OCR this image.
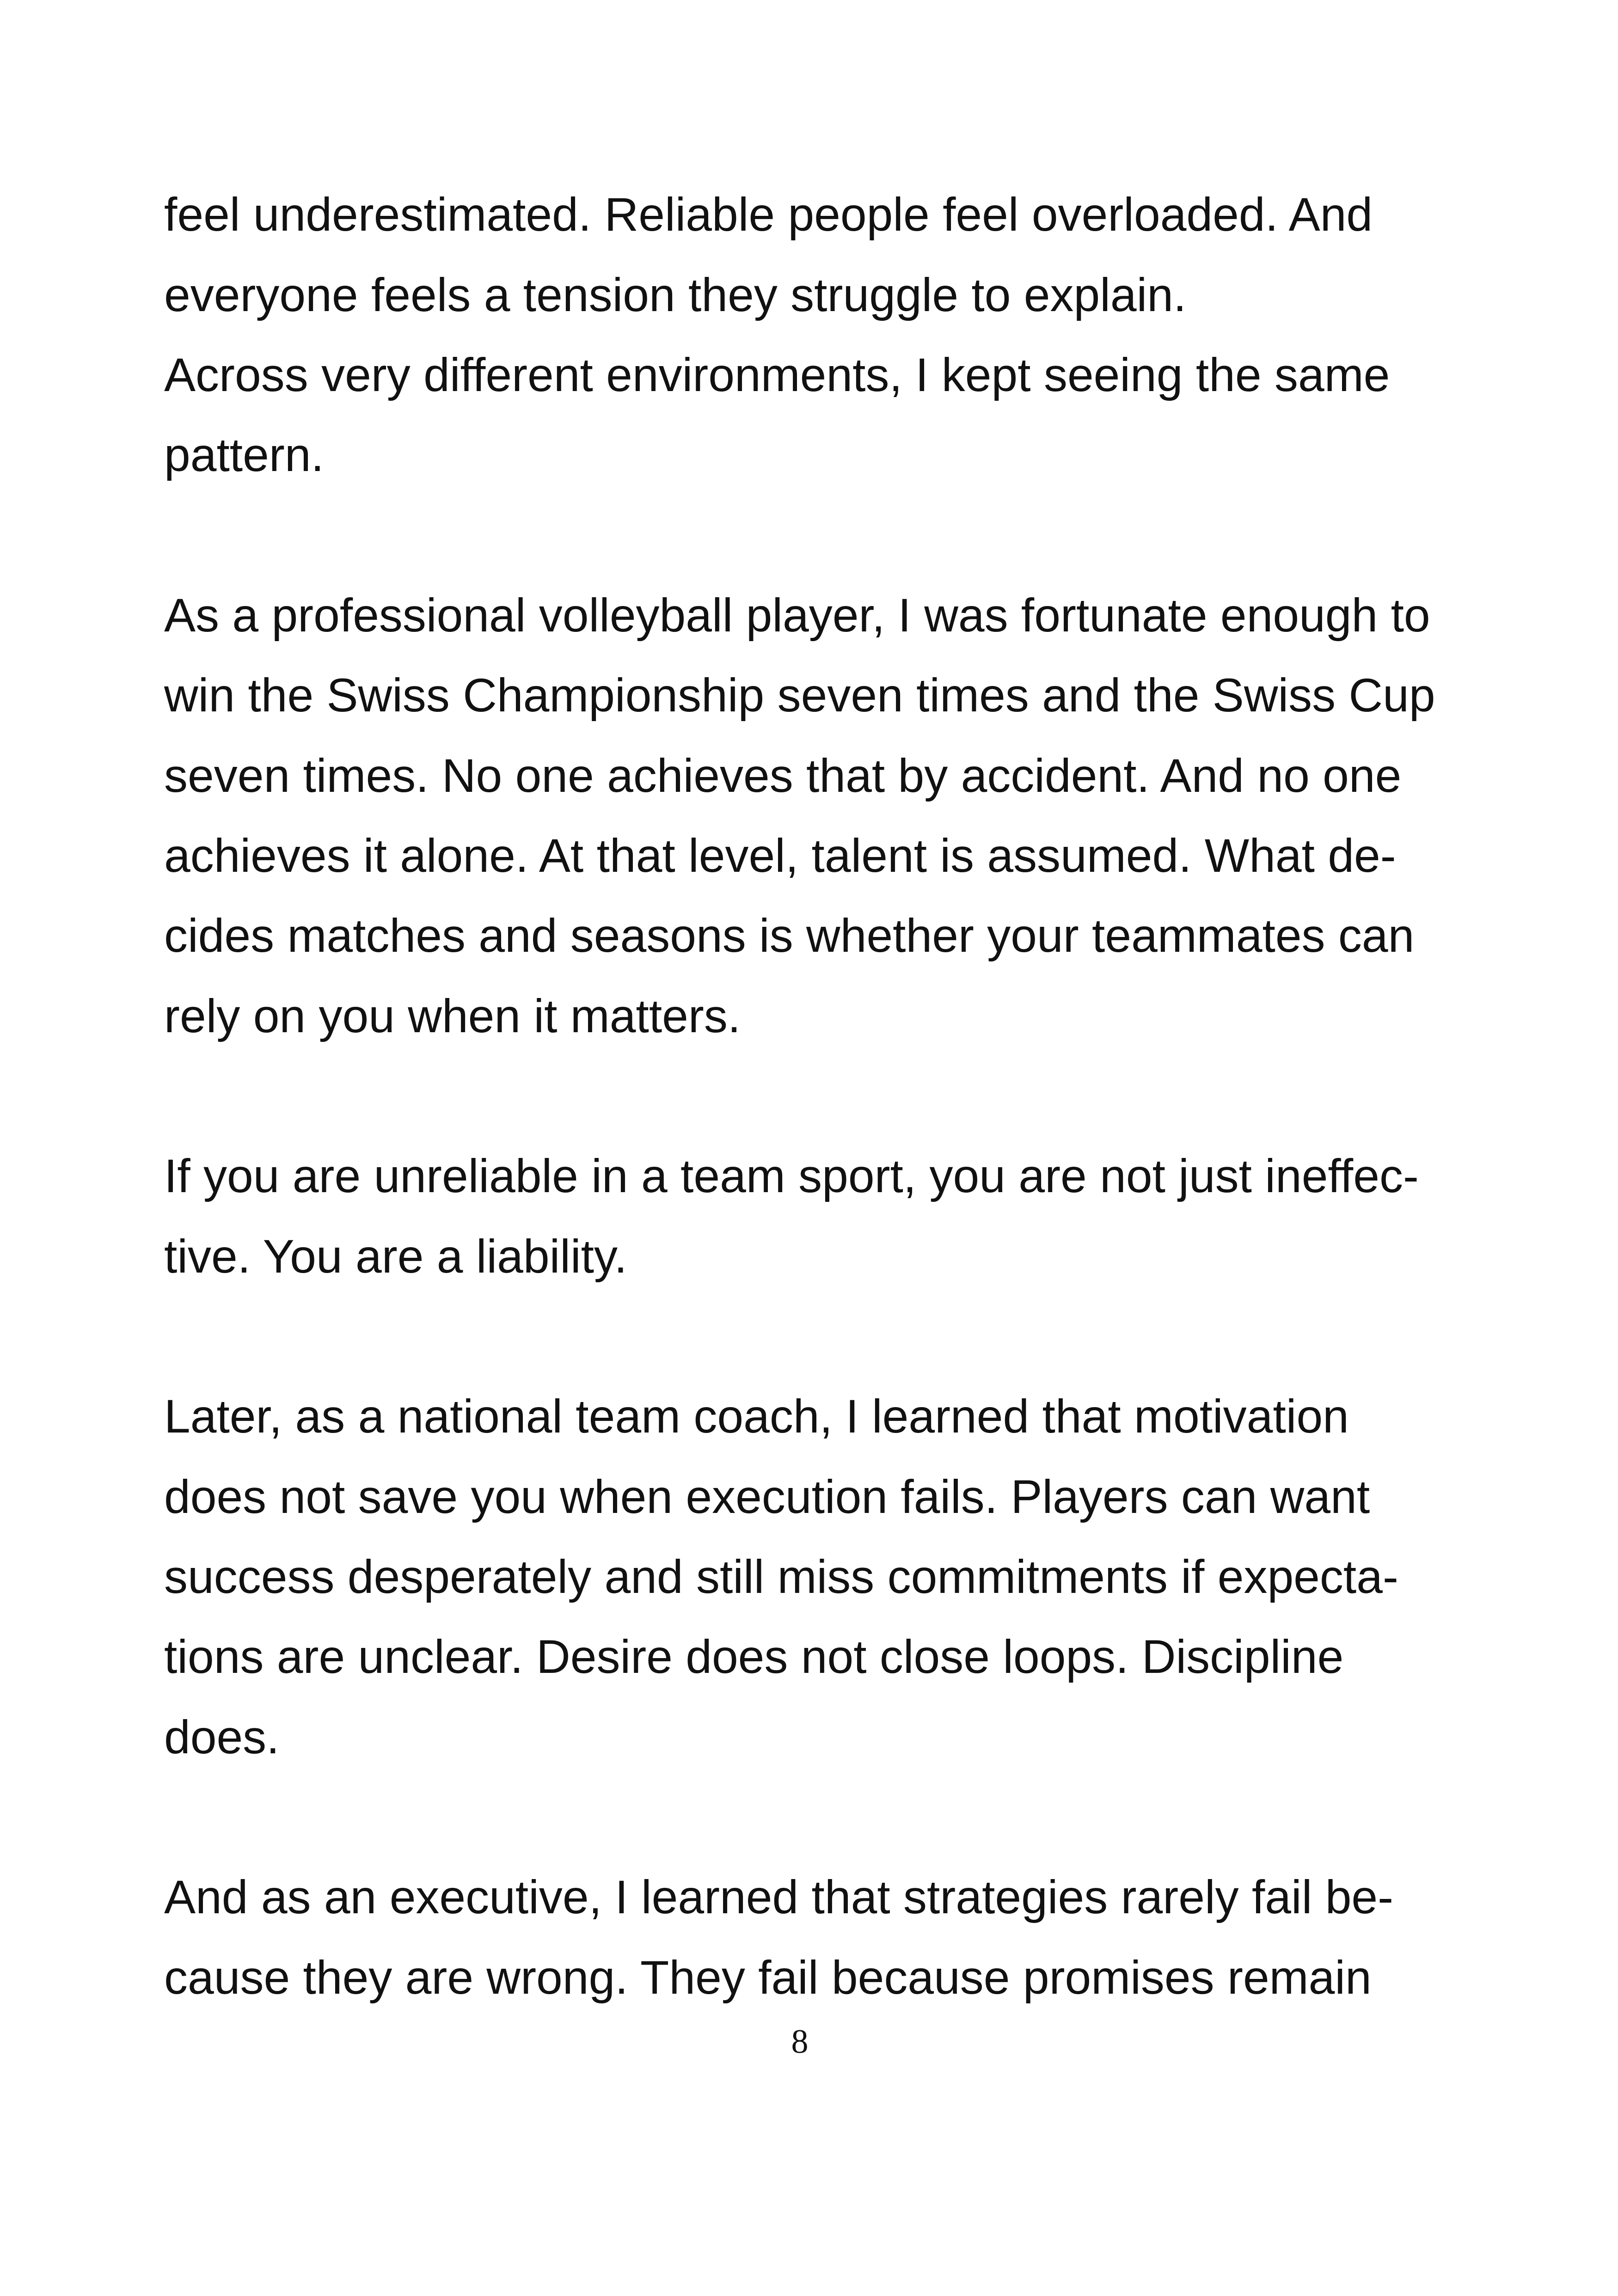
feel underestimated. Reliable people feel overloaded. And

everyone feels a tension they struggle to explain.

Across very different environments, I kept seeing the same

pattern.

As a professional volleyball player, I was fortunate enough to

win the Swiss Championship seven times and the Swiss Cup

seven times. No one achieves that by accident. And no one

achieves it alone. At that level, talent is assumed. What de-

cides matches and seasons is whether your teammates can

rely on you when it matters.

If you are unreliable in a team sport, you are not just ineffec-

tive. You are a liability.

Later, as a national team coach, I learned that motivation

does not save you when execution fails. Players can want

success desperately and still miss commitments if expecta-

tions are unclear. Desire does not close loops. Discipline

does.

And as an executive, I learned that strategies rarely fail be-

cause they are wrong. They fail because promises remain

8
